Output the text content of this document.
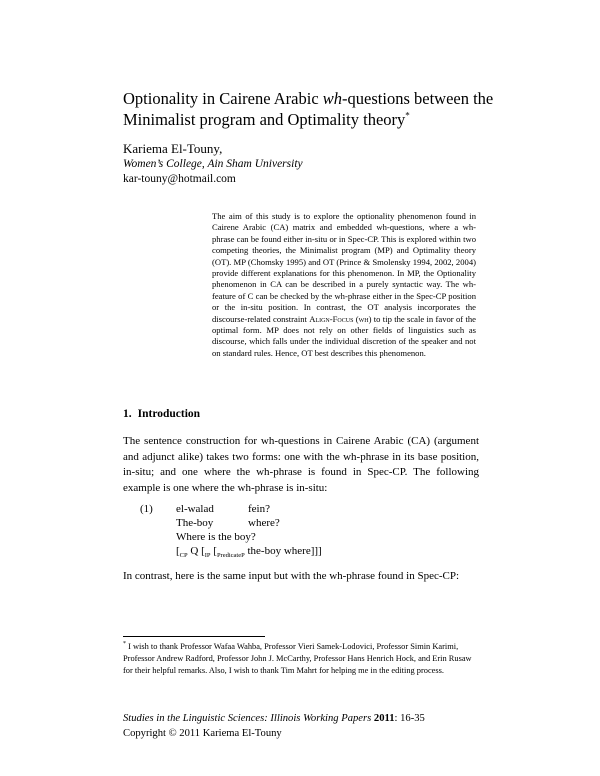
Optionality in Cairene Arabic wh-questions between the
Minimalist program and Optimality theory*
Kariema El-Touny,
Women’s College, Ain Sham University
kar-touny@hotmail.com
The aim of this study is to explore the optionality phenomenon found in Cairene Arabic (CA) matrix and embedded wh-questions, where a wh-phrase can be found either in-situ or in Spec-CP. This is explored within two competing theories, the Minimalist program (MP) and Optimality theory (OT). MP (Chomsky 1995) and OT (Prince & Smolensky 1994, 2002, 2004) provide different explanations for this phenomenon. In MP, the Optionality phenomenon in CA can be described in a purely syntactic way. The wh-feature of C can be checked by the wh-phrase either in the Spec-CP position or the in-situ position. In contrast, the OT analysis incorporates the discourse-related constraint Align-Focus (wh) to tip the scale in favor of the optimal form. MP does not rely on other fields of linguistics such as discourse, which falls under the individual discretion of the speaker and not on standard rules. Hence, OT best describes this phenomenon.
1. Introduction
The sentence construction for wh-questions in Cairene Arabic (CA) (argument and adjunct alike) takes two forms: one with the wh-phrase in its base position, in-situ; and one where the wh-phrase is found in Spec-CP. The following example is one where the wh-phrase is in-situ:
(1) el-walad	fein?
The-boy	where?
Where is the boy?
[$_{CP}$ Q [$_{IP}$ [$_{PredicateP}$ the-boy where]]]
In contrast, here is the same input but with the wh-phrase found in Spec-CP:
* I wish to thank Professor Wafaa Wahba, Professor Vieri Samek-Lodovici, Professor Simin Karimi, Professor Andrew Radford, Professor John J. McCarthy, Professor Hans Henrich Hock, and Erin Rusaw for their helpful remarks. Also, I wish to thank Tim Mahrt for helping me in the editing process.
Studies in the Linguistic Sciences: Illinois Working Papers 2011: 16-35
Copyright © 2011 Kariema El-Touny
